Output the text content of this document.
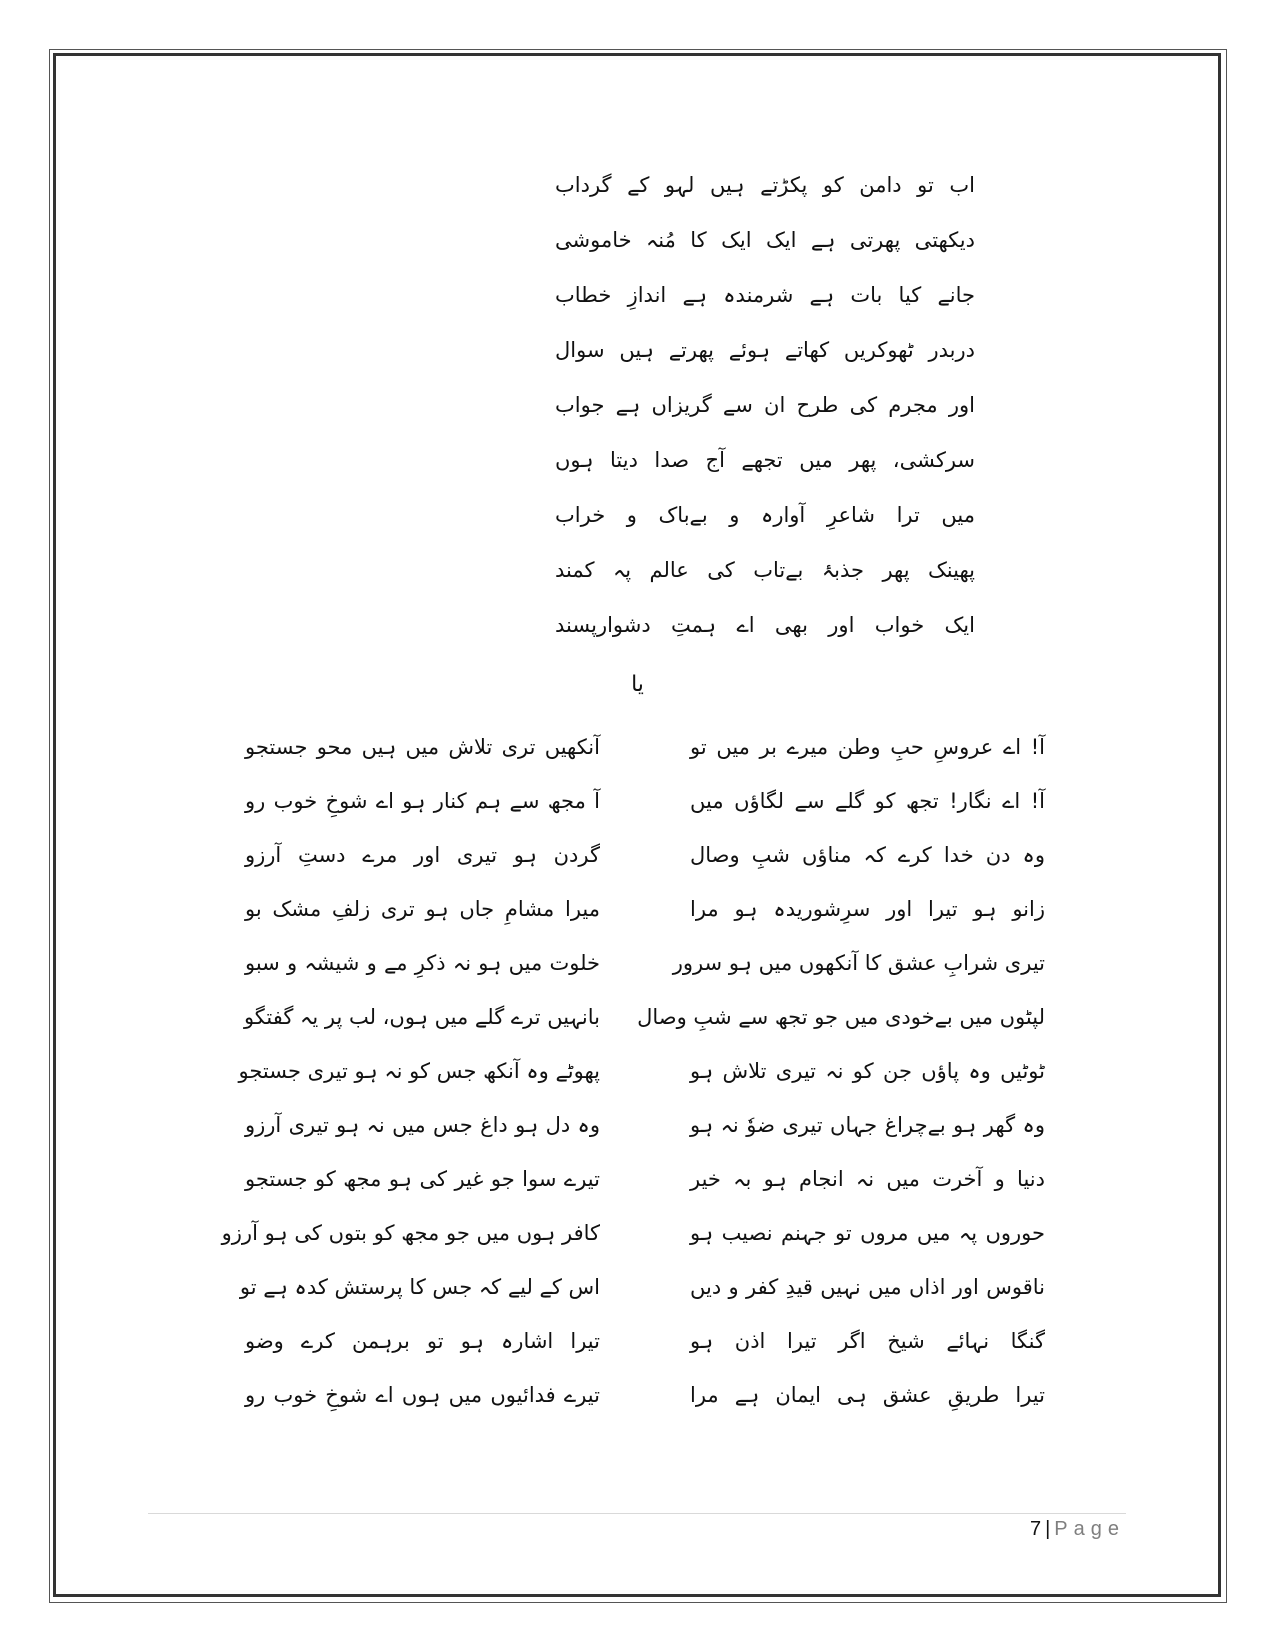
اب تو دامن کو پکڑتے ہیں لہو کے گرداب
دیکھتی پھرتی ہے ایک ایک کا مُنہ خاموشی
جانے کیا بات ہے شرمندہ ہے اندازِ خطاب
دربدر ٹھوکریں کھاتے ہوئے پھرتے ہیں سوال
اور مجرم کی طرح ان سے گریزاں ہے جواب
سرکشی، پھر میں تجھے آج صدا دیتا ہوں
میں ترا شاعرِ آوارہ و بےباک و خراب
پھینک پھر جذبۂ بےتاب کی عالم پہ کمند
ایک خواب اور بھی اے ہمتِ دشوارپسند
یا
آ! اے عروسِ حبِ وطن میرے بر میں تو
آ! اے نگار! تجھ کو گلے سے لگاؤں میں
وہ دن خدا کرے کہ مناؤں شبِ وصال
زانو ہو تیرا اور سرِشوریدہ ہو مرا
تیری شرابِ عشق کا آنکھوں میں ہو سرور
لپٹوں میں بےخودی میں جو تجھ سے شبِ وصال
ٹوٹیں وہ پاؤں جن کو نہ تیری تلاش ہو
وہ گھر ہو بےچراغ جہاں تیری ضوٗ نہ ہو
دنیا و آخرت میں نہ انجام ہو بہ خیر
حوروں پہ میں مروں تو جہنم نصیب ہو
ناقوس اور اذاں میں نہیں قیدِ کفر و دیں
گنگا نہائے شیخ اگر تیرا اذن ہو
تیرا طریقِ عشق ہی ایمان ہے مرا
آنکھیں تری تلاش میں ہیں محو جستجو
آ مجھ سے ہم کنار ہو اے شوخِ خوب رو
گردن ہو تیری اور مرے دستِ آرزو
میرا مشامِ جاں ہو تری زلفِ مشک بو
خلوت میں ہو نہ ذکرِ مے و شیشہ و سبو
بانہیں ترے گلے میں ہوں، لب پر یہ گفتگو
پھوٹے وہ آنکھ جس کو نہ ہو تیری جستجو
وہ دل ہو داغ جس میں نہ ہو تیری آرزو
تیرے سوا جو غیر کی ہو مجھ کو جستجو
کافر ہوں میں جو مجھ کو بتوں کی ہو آرزو
اس کے لیے کہ جس کا پرستش کدہ ہے تو
تیرا اشارہ ہو تو برہمن کرے وضو
تیرے فدائیوں میں ہوں اے شوخِ خوب رو
7 | Page
